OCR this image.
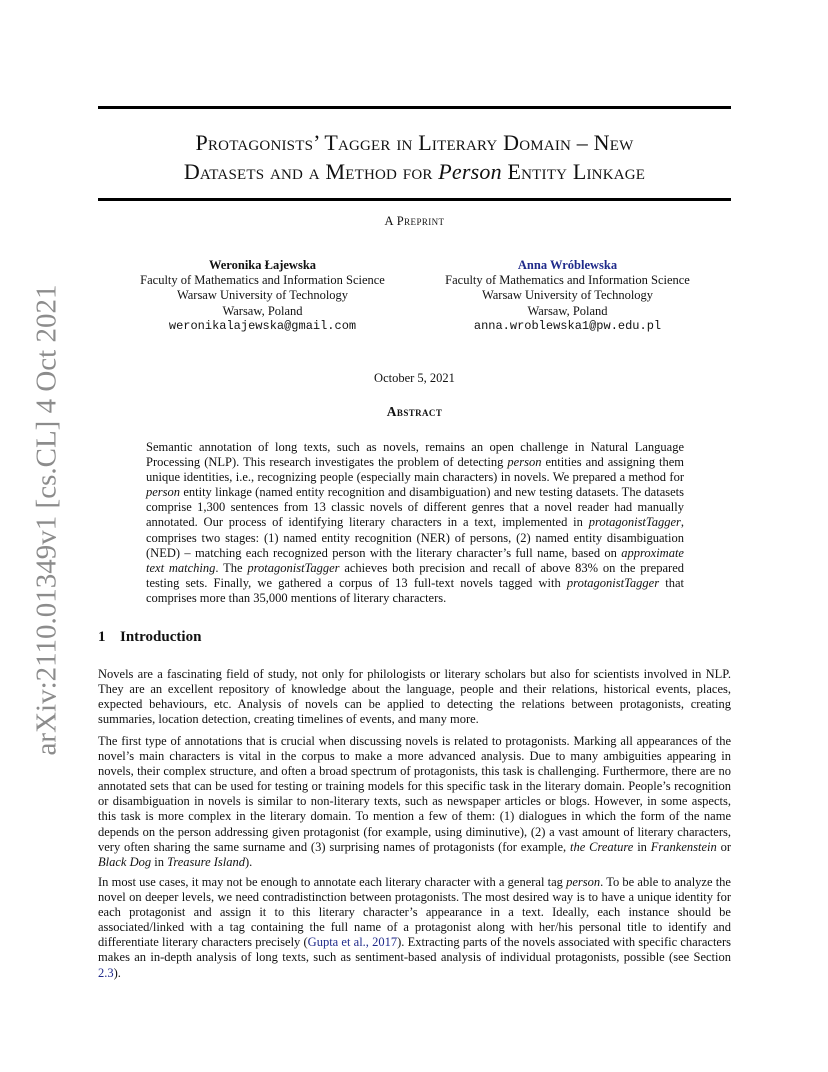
arXiv:2110.01349v1 [cs.CL] 4 Oct 2021
Protagonists’ Tagger in Literary Domain – New
Datasets and a Method for Person Entity Linkage
A Preprint
Weronika Łajewska
Faculty of Mathematics and Information Science
Warsaw University of Technology
Warsaw, Poland
weronikalajewska@gmail.com
Anna Wróblewska
Faculty of Mathematics and Information Science
Warsaw University of Technology
Warsaw, Poland
anna.wroblewska1@pw.edu.pl
October 5, 2021
Abstract
Semantic annotation of long texts, such as novels, remains an open challenge in Natural Language Processing (NLP). This research investigates the problem of detecting person entities and assigning them unique identities, i.e., recognizing people (especially main characters) in novels. We prepared a method for person entity linkage (named entity recognition and disambiguation) and new testing datasets. The datasets comprise 1,300 sentences from 13 classic novels of different genres that a novel reader had manually annotated. Our process of identifying literary characters in a text, implemented in protagonistTagger, comprises two stages: (1) named entity recognition (NER) of persons, (2) named entity disambiguation (NED) – matching each recognized person with the literary character’s full name, based on approximate text matching. The protagonistTagger achieves both precision and recall of above 83% on the prepared testing sets. Finally, we gathered a corpus of 13 full-text novels tagged with protagonistTagger that comprises more than 35,000 mentions of literary characters.
1 Introduction
Novels are a fascinating field of study, not only for philologists or literary scholars but also for scientists involved in NLP. They are an excellent repository of knowledge about the language, people and their relations, historical events, places, expected behaviours, etc. Analysis of novels can be applied to detecting the relations between protagonists, creating summaries, location detection, creating timelines of events, and many more.
The first type of annotations that is crucial when discussing novels is related to protagonists. Marking all appearances of the novel’s main characters is vital in the corpus to make a more advanced analysis. Due to many ambiguities appearing in novels, their complex structure, and often a broad spectrum of protagonists, this task is challenging. Furthermore, there are no annotated sets that can be used for testing or training models for this specific task in the literary domain. People’s recognition or disambiguation in novels is similar to non-literary texts, such as newspaper articles or blogs. However, in some aspects, this task is more complex in the literary domain. To mention a few of them: (1) dialogues in which the form of the name depends on the person addressing given protagonist (for example, using diminutive), (2) a vast amount of literary characters, very often sharing the same surname and (3) surprising names of protagonists (for example, the Creature in Frankenstein or Black Dog in Treasure Island).
In most use cases, it may not be enough to annotate each literary character with a general tag person. To be able to analyze the novel on deeper levels, we need contradistinction between protagonists. The most desired way is to have a unique identity for each protagonist and assign it to this literary character’s appearance in a text. Ideally, each instance should be associated/linked with a tag containing the full name of a protagonist along with her/his personal title to identify and differentiate literary characters precisely (Gupta et al., 2017). Extracting parts of the novels associated with specific characters makes an in-depth analysis of long texts, such as sentiment-based analysis of individual protagonists, possible (see Section 2.3).
